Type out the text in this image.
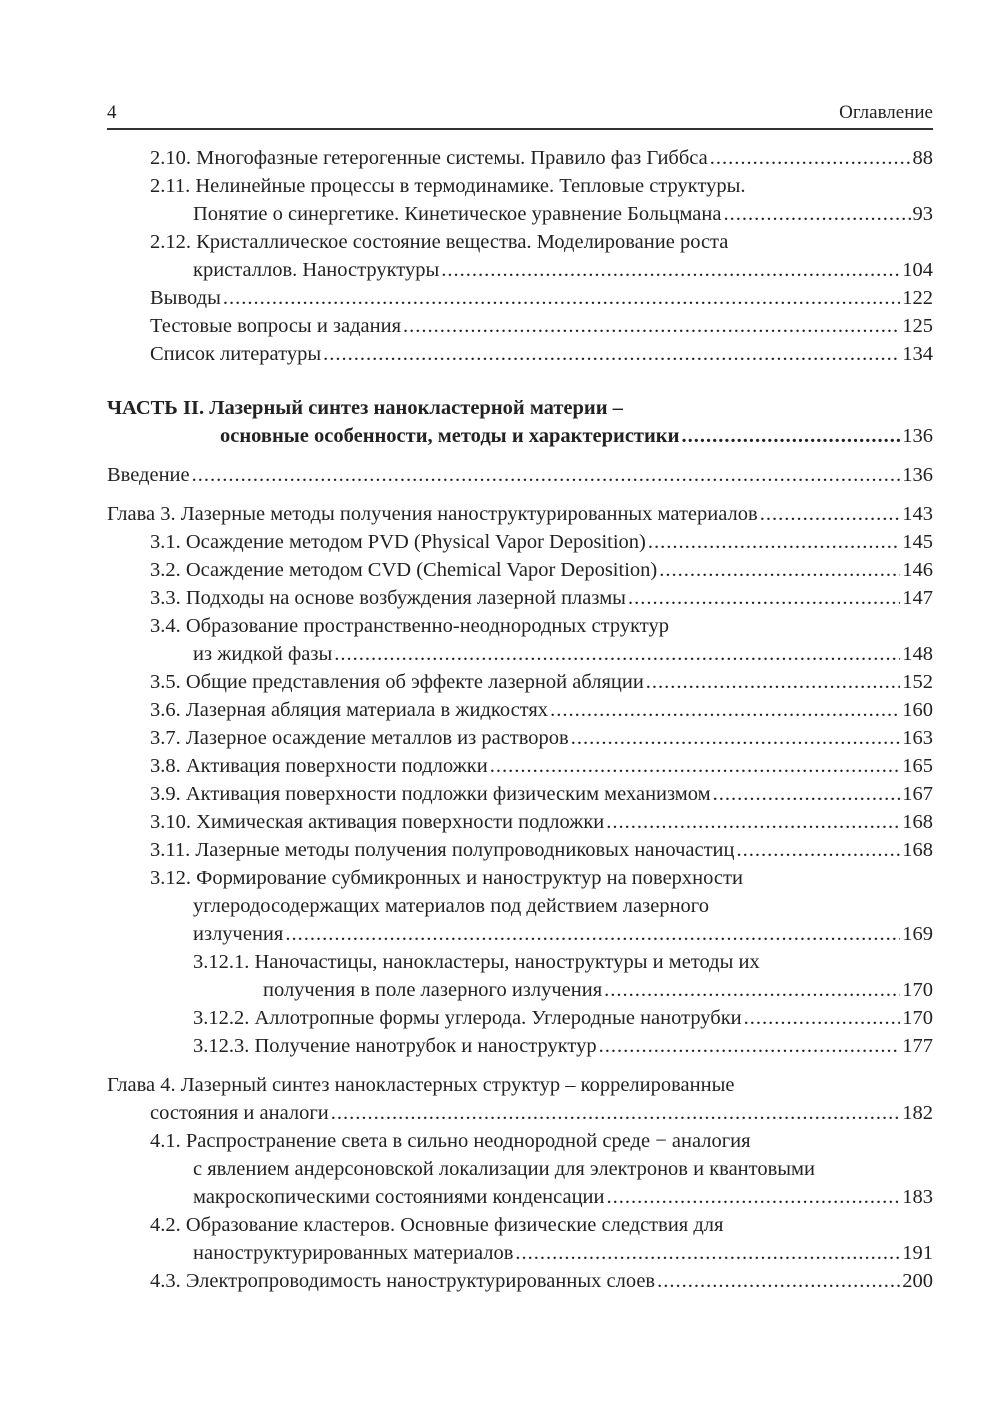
4	Оглавление
2.10. Многофазные гетерогенные системы. Правило фаз Гиббса .....	88
2.11. Нелинейные процессы в термодинамике. Тепловые структуры.
Понятие о синергетике. Кинетическое уравнение Больцмана .....	93
2.12. Кристаллическое состояние вещества. Моделирование роста
кристаллов. Наноструктуры .....	104
Выводы .....	122
Тестовые вопросы и задания .....	125
Список литературы .....	134
ЧАСТЬ II. Лазерный синтез нанокластерной материи –
основные особенности, методы и характеристики .....	136
Введение .....	136
Глава 3. Лазерные методы получения наноструктурированных материалов .....	143
3.1. Осаждение методом PVD (Physical Vapor Deposition) .....	145
3.2. Осаждение методом CVD (Chemical Vapor Deposition) .....	146
3.3. Подходы на основе возбуждения лазерной плазмы .....	147
3.4. Образование пространственно-неоднородных структур
из жидкой фазы .....	148
3.5. Общие представления об эффекте лазерной абляции .....	152
3.6. Лазерная абляция материала в жидкостях .....	160
3.7. Лазерное осаждение металлов из растворов .....	163
3.8. Активация поверхности подложки .....	165
3.9. Активация поверхности подложки физическим механизмом .....	167
3.10. Химическая активация поверхности подложки .....	168
3.11. Лазерные методы получения полупроводниковых наночастиц .....	168
3.12. Формирование субмикронных и наноструктур на поверхности
углеродосодержащих материалов под действием лазерного
излучения .....	169
3.12.1. Наночастицы, нанокластеры, наноструктуры и методы их
получения в поле лазерного излучения .....	170
3.12.2. Аллотропные формы углерода. Углеродные нанотрубки .....	170
3.12.3. Получение нанотрубок и наноструктур .....	177
Глава 4. Лазерный синтез нанокластерных структур – коррелированные
состояния и аналоги .....	182
4.1. Распространение света в сильно неоднородной среде − аналогия
с явлением андерсоновской локализации для электронов и квантовыми
макроскопическими состояниями конденсации .....	183
4.2. Образование кластеров. Основные физические следствия для
наноструктурированных материалов .....	191
4.3. Электропроводимость наноструктурированных слоев .....	200
